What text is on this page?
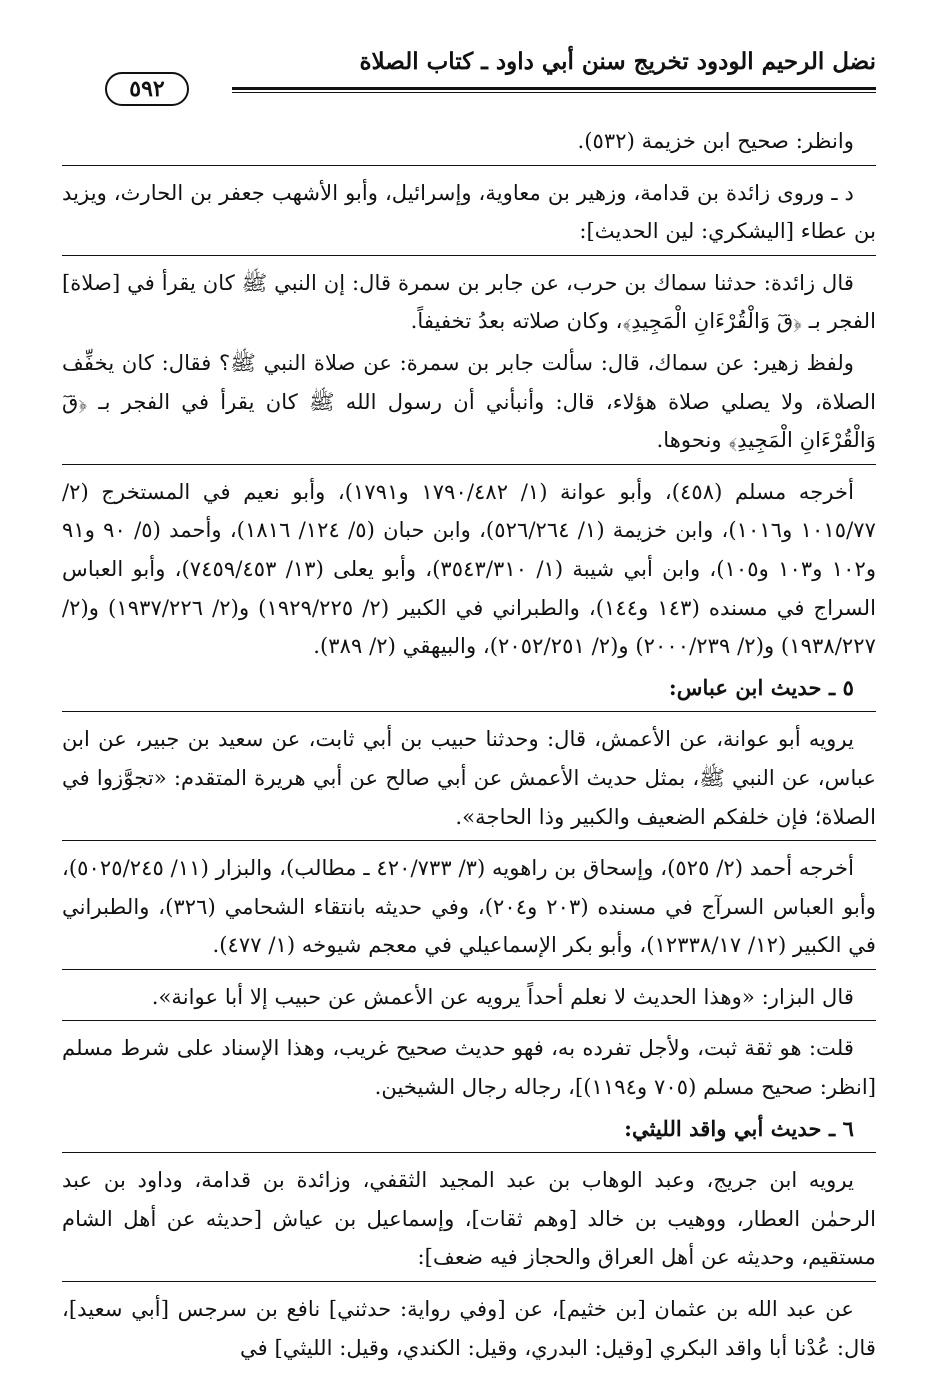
نضل الرحيم الودود تخريج سنن أبي داود ـ كتاب الصلاة
٥٩٢

وانظر: صحيح ابن خزيمة (٥٣٢).

د ـ وروى زائدة بن قدامة، وزهير بن معاوية، وإسرائيل، وأبو الأشهب جعفر بن الحارث، ويزيد بن عطاء [اليشكري: لين الحديث]:

قال زائدة: حدثنا سماك بن حرب، عن جابر بن سمرة قال: إن النبي ﷺ كان يقرأ في [صلاة] الفجر بـ ﴿قٓ وَالْقُرْءَانِ الْمَجِيدِ﴾، وكان صلاته بعدُ تخفيفاً.

ولفظ زهير: عن سماك، قال: سألت جابر بن سمرة: عن صلاة النبي ﷺ؟ فقال: كان يخفِّف الصلاة، ولا يصلي صلاة هؤلاء، قال: وأنبأني أن رسول الله ﷺ كان يقرأ في الفجر بـ ﴿قٓ وَالْقُرْءَانِ الْمَجِيدِ﴾ ونحوها.

أخرجه مسلم (٤٥٨)، وأبو عوانة (١/ ١٧٩٠/٤٨٢ و١٧٩١)، وأبو نعيم في المستخرج (٢/ ١٠١٥/٧٧ و١٠١٦)، وابن خزيمة (١/ ٥٢٦/٢٦٤)، وابن حبان (٥/ ١٢٤/ ١٨١٦)، وأحمد (٥/ ٩٠ و٩١ و١٠٢ و١٠٣ و١٠٥)، وابن أبي شيبة (١/ ٣٥٤٣/٣١٠)، وأبو يعلى (١٣/ ٧٤٥٩/٤٥٣)، وأبو العباس السراج في مسنده (١٤٣ و١٤٤)، والطبراني في الكبير (٢/ ١٩٢٩/٢٢٥) و(٢/ ١٩٣٧/٢٢٦) و(٢/ ١٩٣٨/٢٢٧) و(٢/ ٢٠٠٠/٢٣٩) و(٢/ ٢٠٥٢/٢٥١)، والبيهقي (٢/ ٣٨٩).

٥ ـ حديث ابن عباس:

يرويه أبو عوانة، عن الأعمش، قال: وحدثنا حبيب بن أبي ثابت، عن سعيد بن جبير، عن ابن عباس، عن النبي ﷺ، بمثل حديث الأعمش عن أبي صالح عن أبي هريرة المتقدم: «تجوَّزوا في الصلاة؛ فإن خلفكم الضعيف والكبير وذا الحاجة».

أخرجه أحمد (٢/ ٥٢٥)، وإسحاق بن راهويه (٣/ ٤٢٠/٧٣٣ ـ مطالب)، والبزار (١١/ ٥٠٢٥/٢٤٥)، وأبو العباس السرآج في مسنده (٢٠٣ و٢٠٤)، وفي حديثه بانتقاء الشحامي (٣٢٦)، والطبراني في الكبير (١٢/ ١٢٣٣٨/١٧)، وأبو بكر الإسماعيلي في معجم شيوخه (١/ ٤٧٧).

قال البزار: «وهذا الحديث لا نعلم أحداً يرويه عن الأعمش عن حبيب إلا أبا عوانة».

قلت: هو ثقة ثبت، ولأجل تفرده به، فهو حديث صحيح غريب، وهذا الإسناد على شرط مسلم [انظر: صحيح مسلم (٧٠٥ و١١٩٤)]، رجاله رجال الشيخين.

٦ ـ حديث أبي واقد الليثي:

يرويه ابن جريج، وعبد الوهاب بن عبد المجيد الثقفي، وزائدة بن قدامة، وداود بن عبد الرحمٰن العطار، ووهيب بن خالد [وهم ثقات]، وإسماعيل بن عياش [حديثه عن أهل الشام مستقيم، وحديثه عن أهل العراق والحجاز فيه ضعف]:

عن عبد الله بن عثمان [بن خثيم]، عن [وفي رواية: حدثني] نافع بن سرجس [أبي سعيد]، قال: عُدْنا أبا واقد البكري [وقيل: البدري، وقيل: الكندي، وقيل: الليثي] في
